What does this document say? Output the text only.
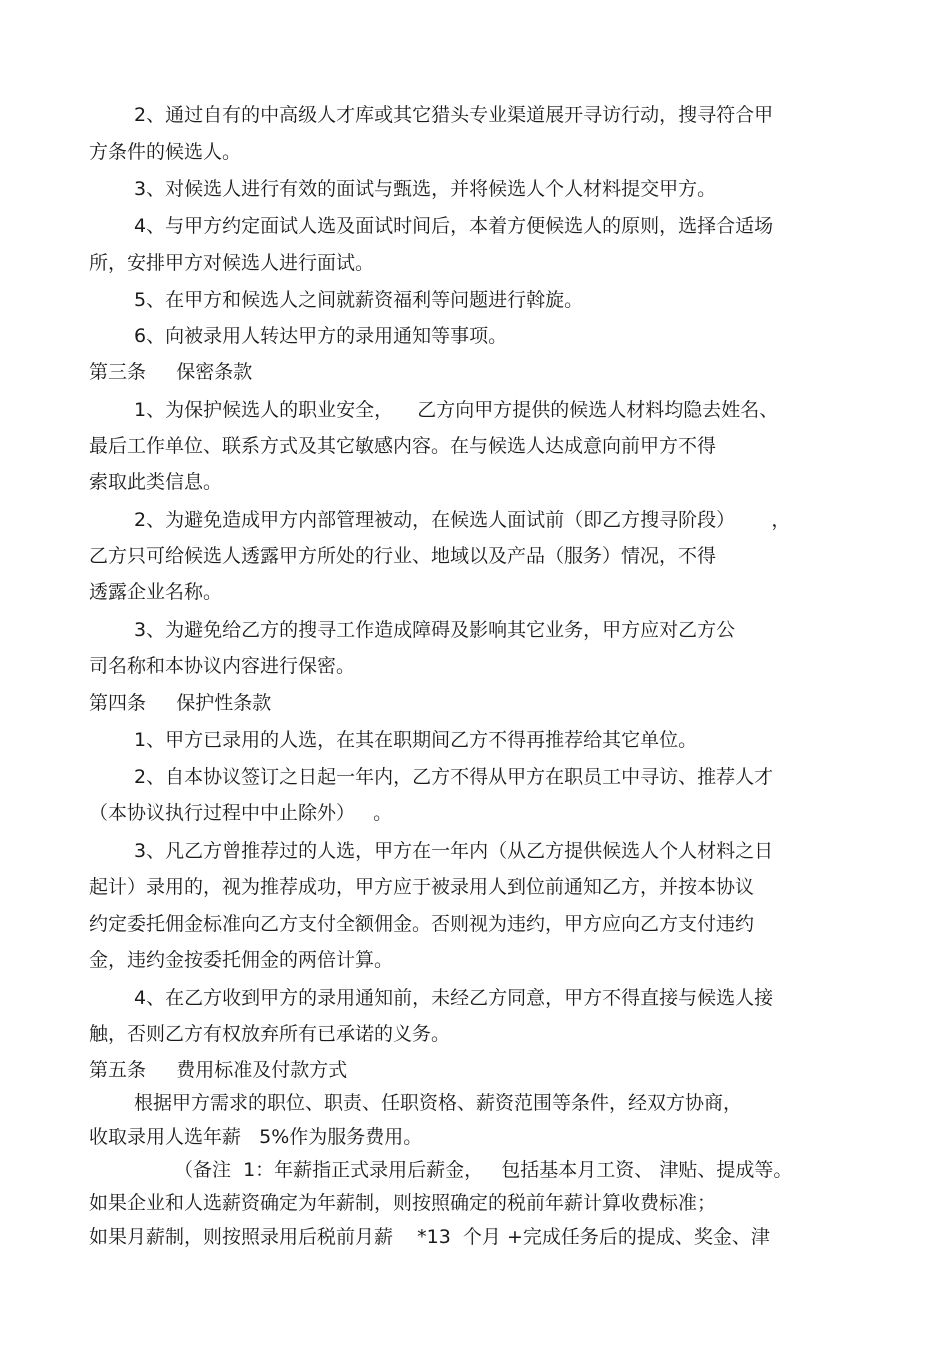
2、通过自有的中高级人才库或其它猎头专业渠道展开寻访行动，搜寻符合甲
方条件的候选人。
3、对候选人进行有效的面试与甄选，并将候选人个人材料提交甲方。
4、与甲方约定面试人选及面试时间后，本着方便候选人的原则，选择合适场
所，安排甲方对候选人进行面试。
5、在甲方和候选人之间就薪资福利等问题进行斡旋。
6、向被录用人转达甲方的录用通知等事项。
第三条     保密条款
1、为保护候选人的职业安全，    乙方向甲方提供的候选人材料均隐去姓名、
最后工作单位、联系方式及其它敏感内容。在与候选人达成意向前甲方不得
索取此类信息。
2、为避免造成甲方内部管理被动，在候选人面试前（即乙方搜寻阶段）      ，
乙方只可给候选人透露甲方所处的行业、地域以及产品（服务）情况，不得
透露企业名称。
3、为避免给乙方的搜寻工作造成障碍及影响其它业务，甲方应对乙方公
司名称和本协议内容进行保密。
第四条     保护性条款
1、甲方已录用的人选，在其在职期间乙方不得再推荐给其它单位。
2、自本协议签订之日起一年内，乙方不得从甲方在职员工中寻访、推荐人才
（本协议执行过程中中止除外）   。
3、凡乙方曾推荐过的人选，甲方在一年内（从乙方提供候选人个人材料之日
起计）录用的，视为推荐成功，甲方应于被录用人到位前通知乙方，并按本协议
约定委托佣金标准向乙方支付全额佣金。否则视为违约，甲方应向乙方支付违约
金，违约金按委托佣金的两倍计算。
4、在乙方收到甲方的录用通知前，未经乙方同意，甲方不得直接与候选人接
触，否则乙方有权放弃所有已承诺的义务。
第五条     费用标准及付款方式
根据甲方需求的职位、职责、任职资格、薪资范围等条件，经双方协商，
收取录用人选年薪   5%作为服务费用。
（备注  1：年薪指正式录用后薪金，   包括基本月工资、 津贴、提成等。
如果企业和人选薪资确定为年薪制，则按照确定的税前年薪计算收费标准；
如果月薪制，则按照录用后税前月薪    *13  个月 +完成任务后的提成、奖金、津
